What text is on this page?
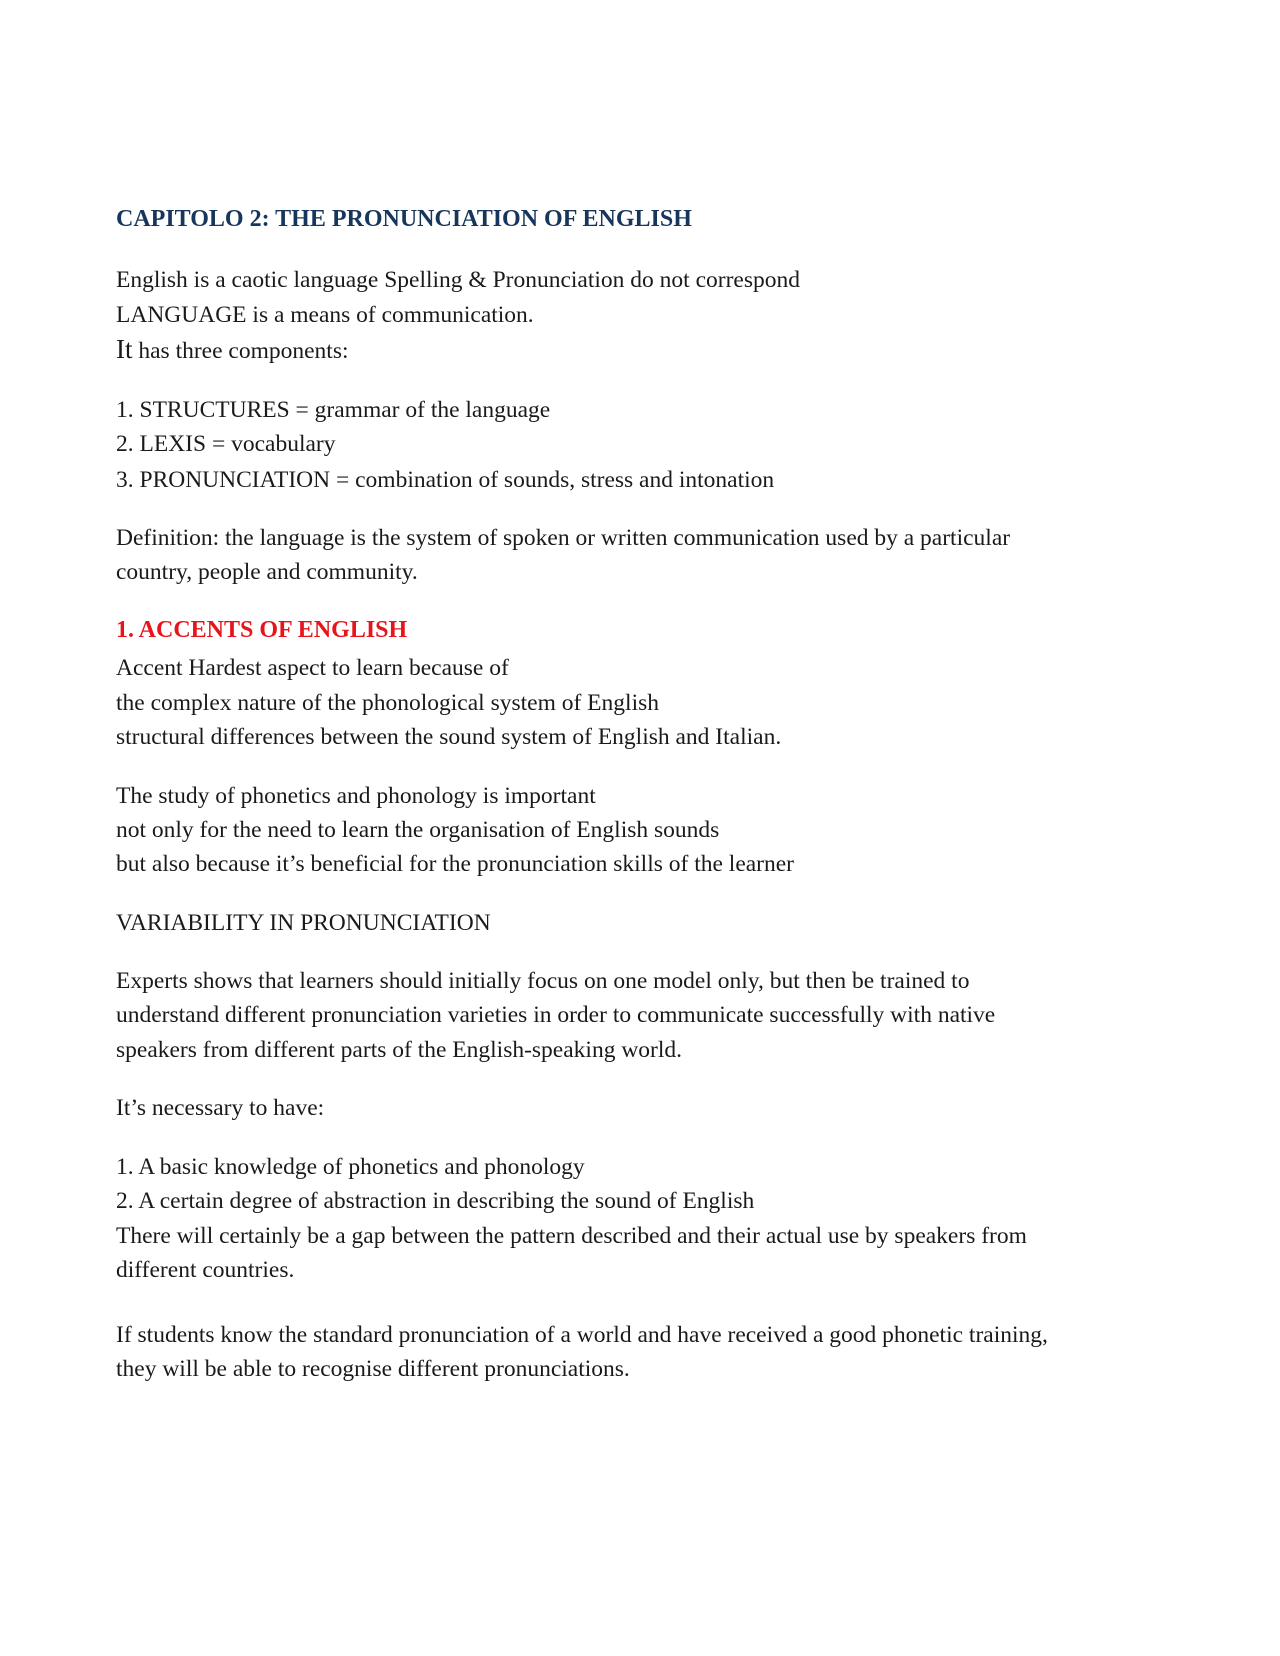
CAPITOLO 2: THE PRONUNCIATION OF ENGLISH
English is a caotic language Spelling & Pronunciation do not correspond
LANGUAGE is a means of communication.
It has three components:
1. STRUCTURES = grammar of the language
2. LEXIS = vocabulary
3. PRONUNCIATION = combination of sounds, stress and intonation
Definition: the language is the system of spoken or written communication used by a particular
country, people and community.
1. ACCENTS OF ENGLISH
Accent Hardest aspect to learn because of
the complex nature of the phonological system of English
structural differences between the sound system of English and Italian.
The study of phonetics and phonology is important
not only for the need to learn the organisation of English sounds
but also because it’s beneficial for the pronunciation skills of the learner
VARIABILITY IN PRONUNCIATION
Experts shows that learners should initially focus on one model only, but then be trained to
understand different pronunciation varieties in order to communicate successfully with native
speakers from different parts of the English-speaking world.
It’s necessary to have:
1. A basic knowledge of phonetics and phonology
2. A certain degree of abstraction in describing the sound of English
There will certainly be a gap between the pattern described and their actual use by speakers from
different countries.
If students know the standard pronunciation of a world and have received a good phonetic training,
they will be able to recognise different pronunciations.
